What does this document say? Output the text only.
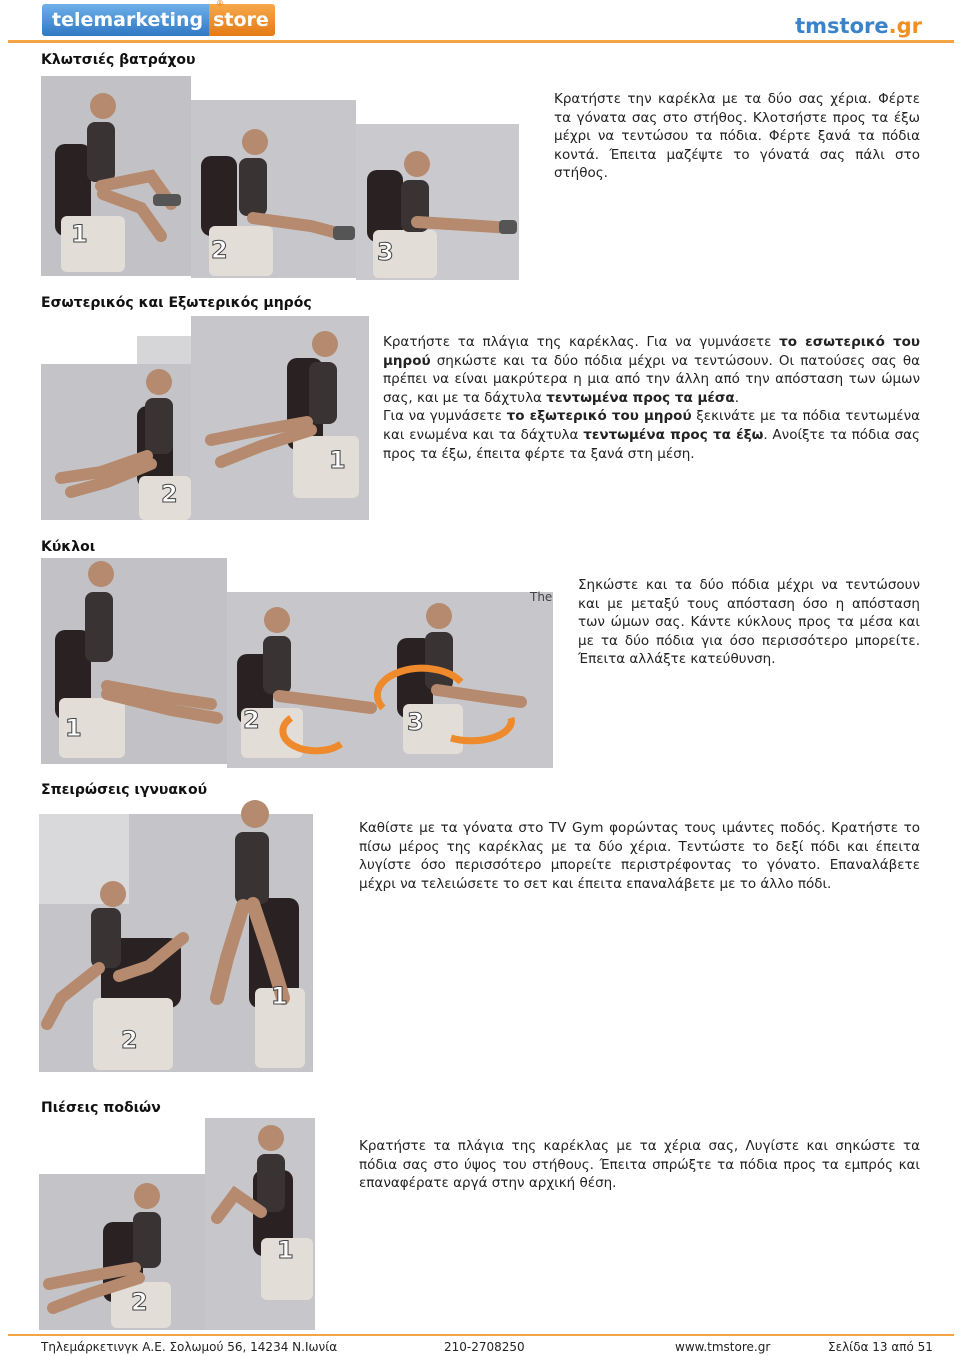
telemarketing store
®
tmstore.gr
Κλωτσιές βατράχου
1
2	3
Κρατήστε την καρέκλα με τα δύο σας χέρια. Φέρτε τα γόνατα σας στο στήθος. Κλοτσήστε προς τα έξω μέχρι να τεντώσου τα πόδια. Φέρτε ξανά τα πόδια κοντά. Έπειτα μαζέψτε το γόνατά σας πάλι στο στήθος.
Εσωτερικός και Εξωτερικός μηρός
1
2

Κρατήστε τα πλάγια της καρέκλας. Για να γυμνάσετε το εσωτερικό του μηρού σηκώστε και τα δύο πόδια μέχρι να τεντώσουν. Οι πατούσες σας θα πρέπει να είναι μακρύτερα η μια από την άλλη από την απόσταση των ώμων σας, και με τα δάχτυλα τεντωμένα προς τα μέσα.

Για να γυμνάσετε το εξωτερικό του μηρού ξεκινάτε με τα πόδια τεντωμένα και ενωμένα και τα δάχτυλα τεντωμένα προς τα έξω. Ανοίξτε τα πόδια σας προς τα έξω, έπειτα φέρτε τα ξανά στη μέση.

Κύκλοι
1	2	3
The
Σηκώστε και τα δύο πόδια μέχρι να τεντώσουν και με μεταξύ τους απόσταση όσο η απόσταση των ώμων σας. Κάντε κύκλους προς τα μέσα και με τα δύο πόδια για όσο περισσότερο μπορείτε. Έπειτα αλλάξτε κατεύθυνση.
Σπειρώσεις ιγνυακού
1
2
Καθίστε με τα γόνατα στο TV Gym φορώντας τους ιμάντες ποδός. Κρατήστε το πίσω μέρος της καρέκλας με τα δύο χέρια. Τεντώστε το δεξί πόδι και έπειτα λυγίστε όσο περισσότερο μπορείτε περιστρέφοντας το γόνατο. Επαναλάβετε μέχρι να τελειώσετε το σετ και έπειτα επαναλάβετε με το άλλο πόδι.
Πιέσεις ποδιών
1
2
Κρατήστε τα πλάγια της καρέκλας με τα χέρια σας, Λυγίστε και σηκώστε τα πόδια σας στο ύψος του στήθους. Έπειτα σπρώξτε τα πόδια προς τα εμπρός και επαναφέρατε αργά στην αρχική θέση.
Τηλεμάρκετινγκ Α.Ε. Σολωμού 56, 14234 Ν.Ιωνία	210-2708250	www.tmstore.gr	Σελίδα 13 από 51
